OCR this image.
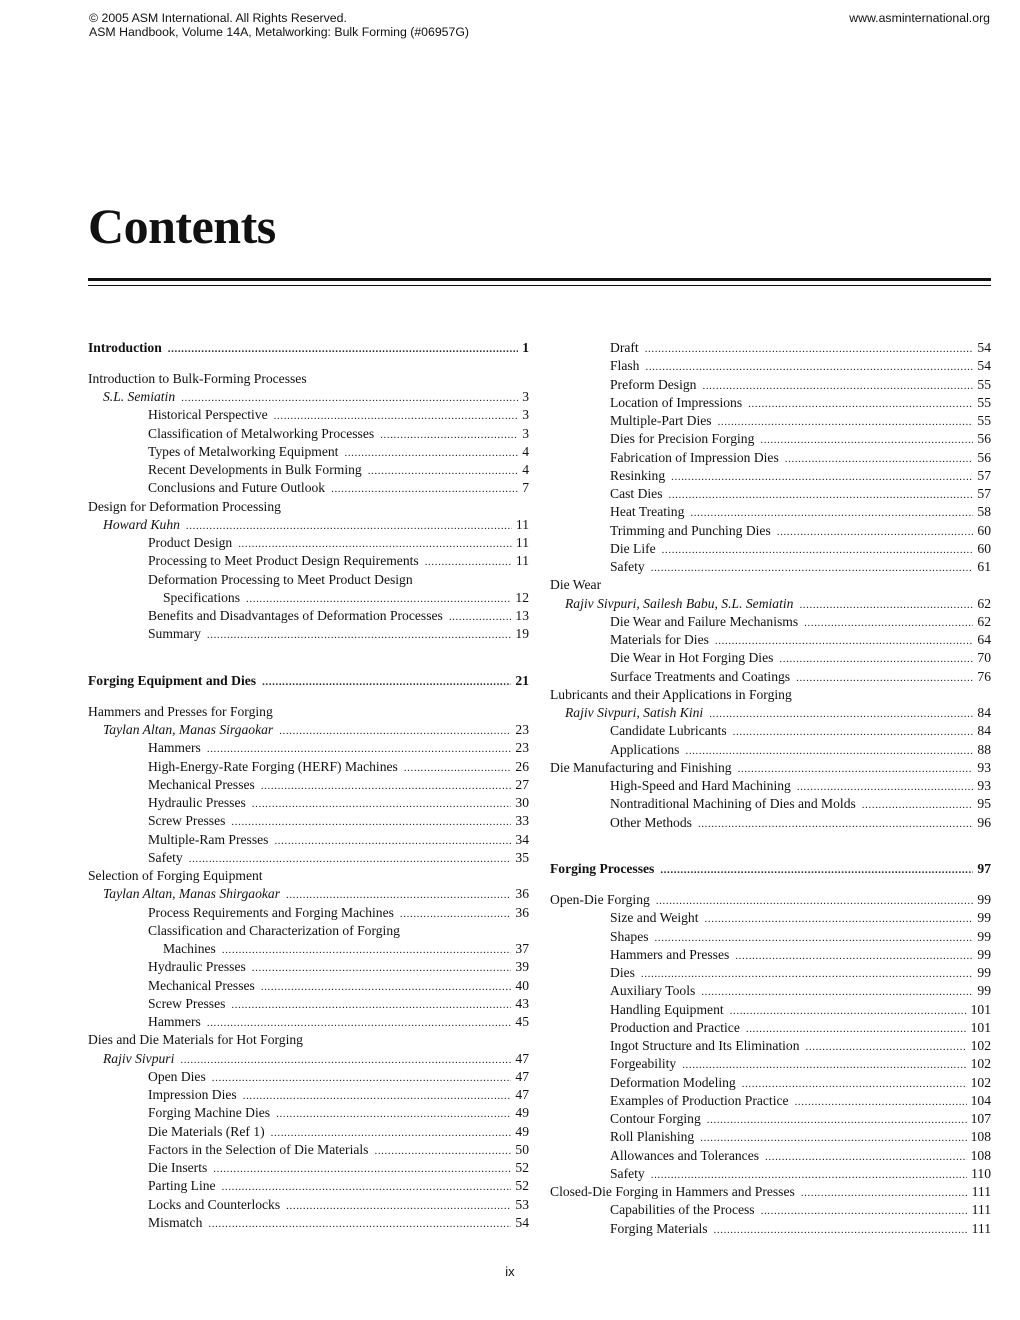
© 2005 ASM International. All Rights Reserved.
ASM Handbook, Volume 14A, Metalworking: Bulk Forming (#06957G)
www.asminternational.org
Contents
Introduction .....	1
Introduction to Bulk-Forming Processes
S.L. Semiatin .....	3
Historical Perspective .....	3
Classification of Metalworking Processes .....	3
Types of Metalworking Equipment .....	4
Recent Developments in Bulk Forming .....	4
Conclusions and Future Outlook .....	7
Design for Deformation Processing
Howard Kuhn .....	11
Product Design .....	11
Processing to Meet Product Design Requirements .....	11
Deformation Processing to Meet Product Design
Specifications .....	12
Benefits and Disadvantages of Deformation Processes .....	13
Summary .....	19
Forging Equipment and Dies .....	21
Hammers and Presses for Forging
Taylan Altan, Manas Sirgaokar .....	23
Hammers .....	23
High-Energy-Rate Forging (HERF) Machines .....	26
Mechanical Presses .....	27
Hydraulic Presses .....	30
Screw Presses .....	33
Multiple-Ram Presses .....	34
Safety .....	35
Selection of Forging Equipment
Taylan Altan, Manas Shirgaokar .....	36
Process Requirements and Forging Machines .....	36
Classification and Characterization of Forging
Machines .....	37
Hydraulic Presses .....	39
Mechanical Presses .....	40
Screw Presses .....	43
Hammers .....	45
Dies and Die Materials for Hot Forging
Rajiv Sivpuri .....	47
Open Dies .....	47
Impression Dies .....	47
Forging Machine Dies .....	49
Die Materials (Ref 1) .....	49
Factors in the Selection of Die Materials .....	50
Die Inserts .....	52
Parting Line .....	52
Locks and Counterlocks .....	53
Mismatch .....	54
Draft .....	54
Flash .....	54
Preform Design .....	55
Location of Impressions .....	55
Multiple-Part Dies .....	55
Dies for Precision Forging .....	56
Fabrication of Impression Dies .....	56
Resinking .....	57
Cast Dies .....	57
Heat Treating .....	58
Trimming and Punching Dies .....	60
Die Life .....	60
Safety .....	61
Die Wear
Rajiv Sivpuri, Sailesh Babu, S.L. Semiatin .....	62
Die Wear and Failure Mechanisms .....	62
Materials for Dies .....	64
Die Wear in Hot Forging Dies .....	70
Surface Treatments and Coatings .....	76
Lubricants and their Applications in Forging
Rajiv Sivpuri, Satish Kini .....	84
Candidate Lubricants .....	84
Applications .....	88
Die Manufacturing and Finishing .....	93
High-Speed and Hard Machining .....	93
Nontraditional Machining of Dies and Molds .....	95
Other Methods .....	96
Forging Processes .....	97
Open-Die Forging .....	99
Size and Weight .....	99
Shapes .....	99
Hammers and Presses .....	99
Dies .....	99
Auxiliary Tools .....	99
Handling Equipment .....	101
Production and Practice .....	101
Ingot Structure and Its Elimination .....	102
Forgeability .....	102
Deformation Modeling .....	102
Examples of Production Practice .....	104
Contour Forging .....	107
Roll Planishing .....	108
Allowances and Tolerances .....	108
Safety .....	110
Closed-Die Forging in Hammers and Presses .....	111
Capabilities of the Process .....	111
Forging Materials .....	111
ix
